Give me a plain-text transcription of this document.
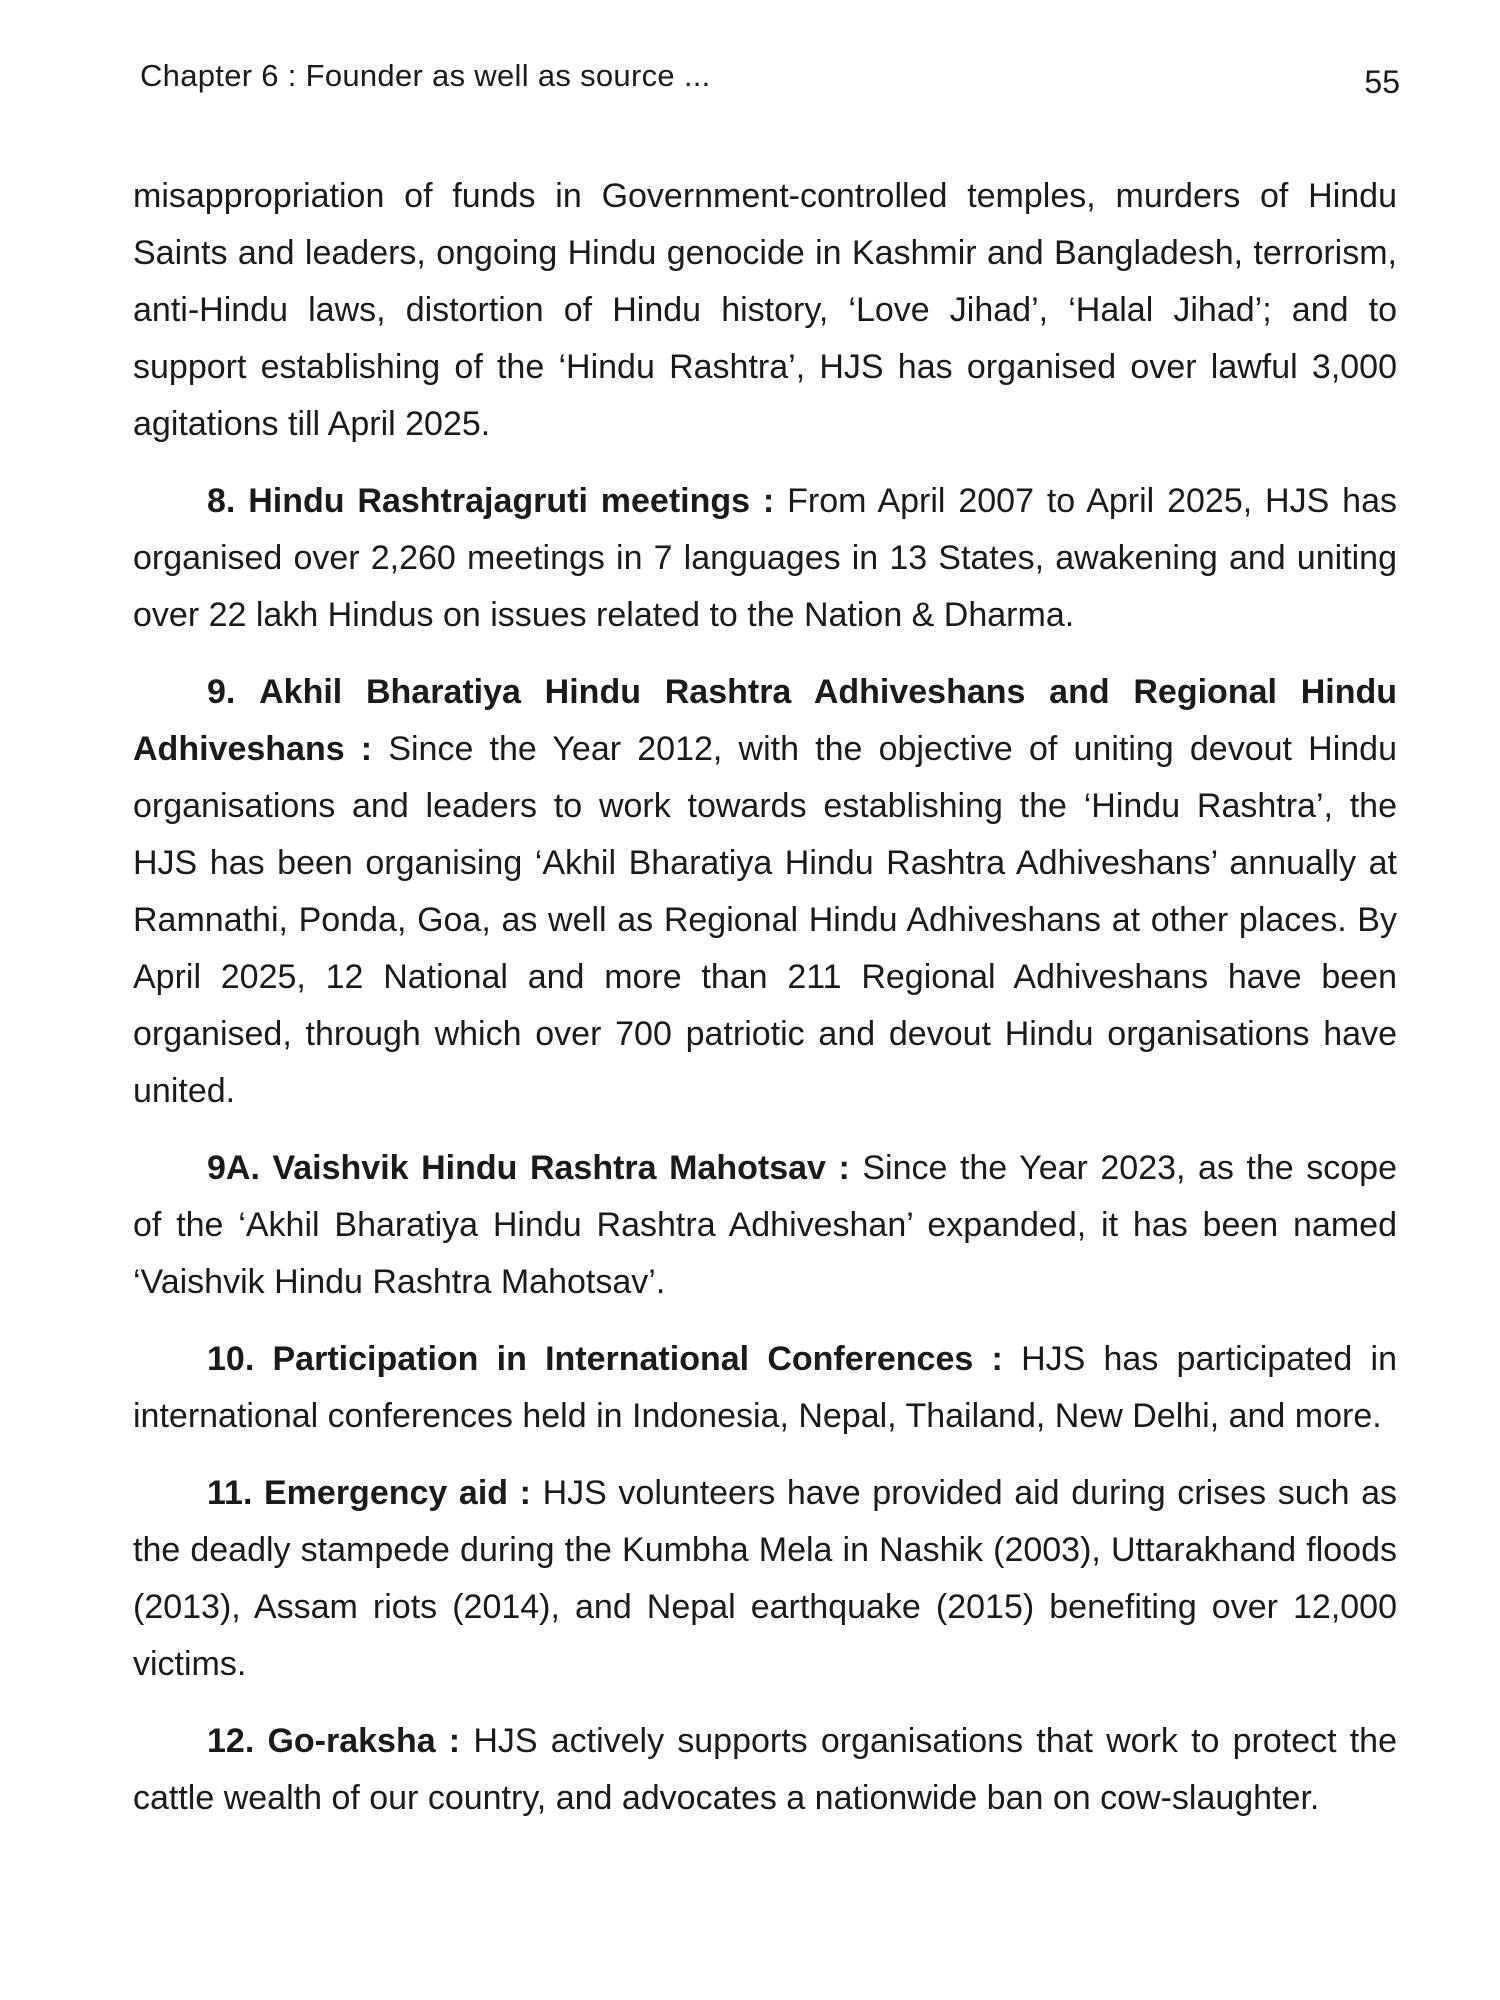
Chapter 6 : Founder as well as source ...	55

misappropriation of funds in Government-controlled temples, murders of Hindu Saints and leaders, ongoing Hindu genocide in Kashmir and Bangladesh, terrorism, anti-Hindu laws, distortion of Hindu history, ‘Love Jihad’, ‘Halal Jihad’; and to support establishing of the ‘Hindu Rashtra’, HJS has organised over lawful 3,000 agitations till April 2025.

8. Hindu Rashtrajagruti meetings : From April 2007 to April 2025, HJS has organised over 2,260 meetings in 7 languages in 13 States, awakening and uniting over 22 lakh Hindus on issues related to the Nation & Dharma.

9. Akhil Bharatiya Hindu Rashtra Adhiveshans and Regional Hindu Adhiveshans : Since the Year 2012, with the objective of uniting devout Hindu organisations and leaders to work towards establishing the ‘Hindu Rashtra’, the HJS has been organising ‘Akhil Bharatiya Hindu Rashtra Adhiveshans’ annually at Ramnathi, Ponda, Goa, as well as Regional Hindu Adhiveshans at other places. By April 2025, 12 National and more than 211 Regional Adhiveshans have been organised, through which over 700 patriotic and devout Hindu organisations have united.

9A. Vaishvik Hindu Rashtra Mahotsav : Since the Year 2023, as the scope of the ‘Akhil Bharatiya Hindu Rashtra Adhiveshan’ expanded, it has been named ‘Vaishvik Hindu Rashtra Mahotsav’.

10. Participation in International Conferences : HJS has participated in international conferences held in Indonesia, Nepal, Thailand, New Delhi, and more.

11. Emergency aid : HJS volunteers have provided aid during crises such as the deadly stampede during the Kumbha Mela in Nashik (2003), Uttarakhand floods (2013), Assam riots (2014), and Nepal earthquake (2015) benefiting over 12,000 victims.

12. Go-raksha : HJS actively supports organisations that work to protect the cattle wealth of our country, and advocates a nationwide ban on cow-slaughter.
